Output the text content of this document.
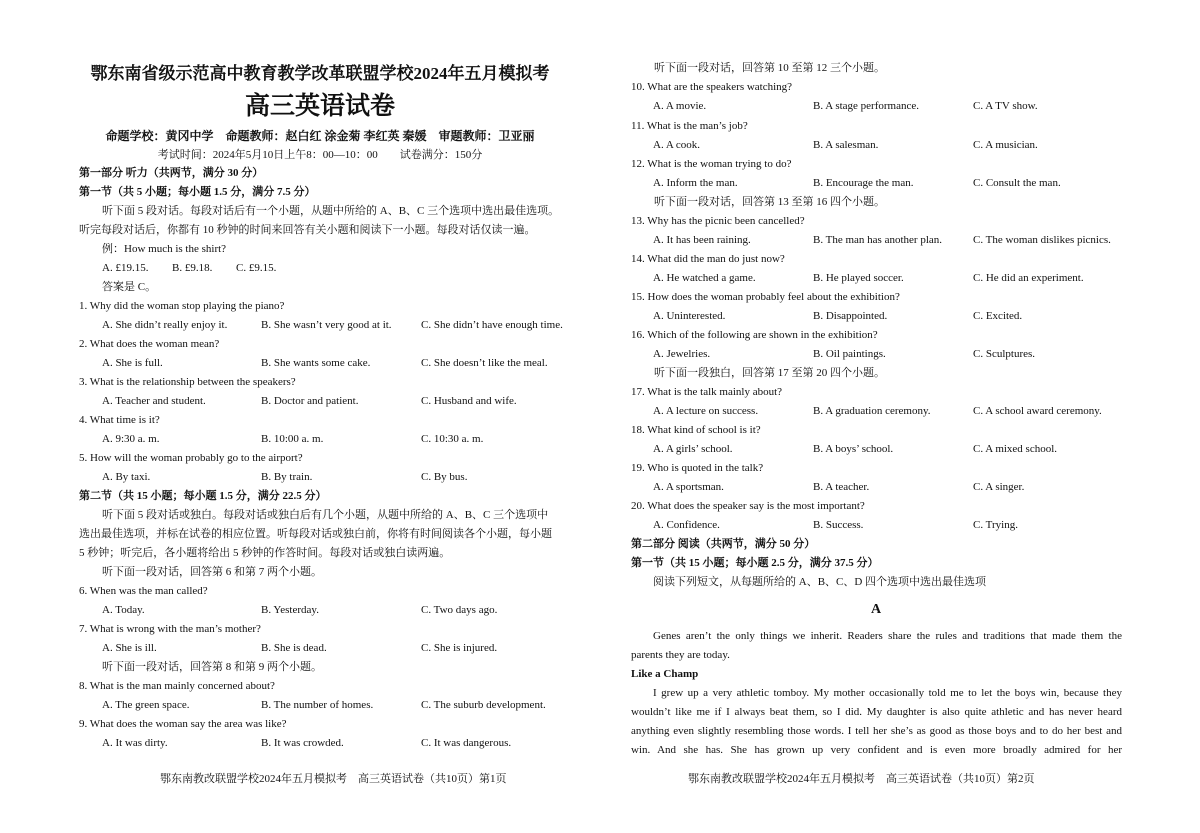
鄂东南省级示范高中教育教学改革联盟学校2024年五月模拟考
高三英语试卷
命题学校：黄冈中学　命题教师：赵白红 涂金菊 李红英 秦媛　审题教师：卫亚丽
考试时间：2024年5月10日上午8：00—10：00　　试卷满分：150分
第一部分 听力（共两节，满分 30 分）
第一节（共 5 小题；每小题 1.5 分，满分 7.5 分）
听下面 5 段对话。每段对话后有一个小题，从题中所给的 A、B、C 三个选项中选出最佳选项。
听完每段对话后，你都有 10 秒钟的时间来回答有关小题和阅读下一小题。每段对话仅读一遍。
例：How much is the shirt?
A. £19.15. B. £9.18. C. £9.15.
答案是 C。
1. Why did the woman stop playing the piano?
A. She didn’t really enjoy it.	B. She wasn’t very good at it.	C. She didn’t have enough time.
2. What does the woman mean?
A. She is full.	B. She wants some cake.	C. She doesn’t like the meal.
3. What is the relationship between the speakers?
A. Teacher and student.	B. Doctor and patient.	C. Husband and wife.
4. What time is it?
A. 9:30 a. m.	B. 10:00 a. m.	C. 10:30 a. m.
5. How will the woman probably go to the airport?
A. By taxi.	B. By train.	C. By bus.
第二节（共 15 小题；每小题 1.5 分，满分 22.5 分）
听下面 5 段对话或独白。每段对话或独白后有几个小题，从题中所给的 A、B、C 三个选项中
选出最佳选项，并标在试卷的相应位置。听每段对话或独白前，你将有时间阅读各个小题，每小题
5 秒钟；听完后，各小题将给出 5 秒钟的作答时间。每段对话或独白读两遍。
听下面一段对话，回答第 6 和第 7 两个小题。
6. When was the man called?
A. Today.	B. Yesterday.	C. Two days ago.
7. What is wrong with the man’s mother?
A. She is ill.	B. She is dead.	C. She is injured.
听下面一段对话，回答第 8 和第 9 两个小题。
8. What is the man mainly concerned about?
A. The green space.	B. The number of homes.	C. The suburb development.
9. What does the woman say the area was like?
A. It was dirty.	B. It was crowded.	C. It was dangerous.
鄂东南教改联盟学校2024年五月模拟考　高三英语试卷（共10页）第1页
听下面一段对话，回答第 10 至第 12 三个小题。
10. What are the speakers watching?
A. A movie.	B. A stage performance.	C. A TV show.
11. What is the man’s job?
A. A cook.	B. A salesman.	C. A musician.
12. What is the woman trying to do?
A. Inform the man.	B. Encourage the man.	C. Consult the man.
听下面一段对话，回答第 13 至第 16 四个小题。
13. Why has the picnic been cancelled?
A. It has been raining.	B. The man has another plan.	C. The woman dislikes picnics.
14. What did the man do just now?
A. He watched a game.	B. He played soccer.	C. He did an experiment.
15. How does the woman probably feel about the exhibition?
A. Uninterested.	B. Disappointed.	C. Excited.
16. Which of the following are shown in the exhibition?
A. Jewelries.	B. Oil paintings.	C. Sculptures.
听下面一段独白，回答第 17 至第 20 四个小题。
17. What is the talk mainly about?
A. A lecture on success.	B. A graduation ceremony.	C. A school award ceremony.
18. What kind of school is it?
A. A girls’ school.	B. A boys’ school.	C. A mixed school.
19. Who is quoted in the talk?
A. A sportsman.	B. A teacher.	C. A singer.
20. What does the speaker say is the most important?
A. Confidence.	B. Success.	C. Trying.
第二部分 阅读（共两节，满分 50 分）
第一节（共 15 小题；每小题 2.5 分，满分 37.5 分）
阅读下列短文，从每题所给的 A、B、C、D 四个选项中选出最佳选项
A
Genes aren’t the only things we inherit. Readers share the rules and traditions that made them the
parents they are today.
Like a Champ
I grew up a very athletic tomboy. My mother occasionally told me to let the boys win, because they
wouldn’t like me if I always beat them, so I did. My daughter is also quite athletic and has never heard
anything even slightly resembling those words. I tell her she’s as good as those boys and to do her best and
win. And she has. She has grown up very confident and is even more broadly admired for her
鄂东南教改联盟学校2024年五月模拟考　高三英语试卷（共10页）第2页
